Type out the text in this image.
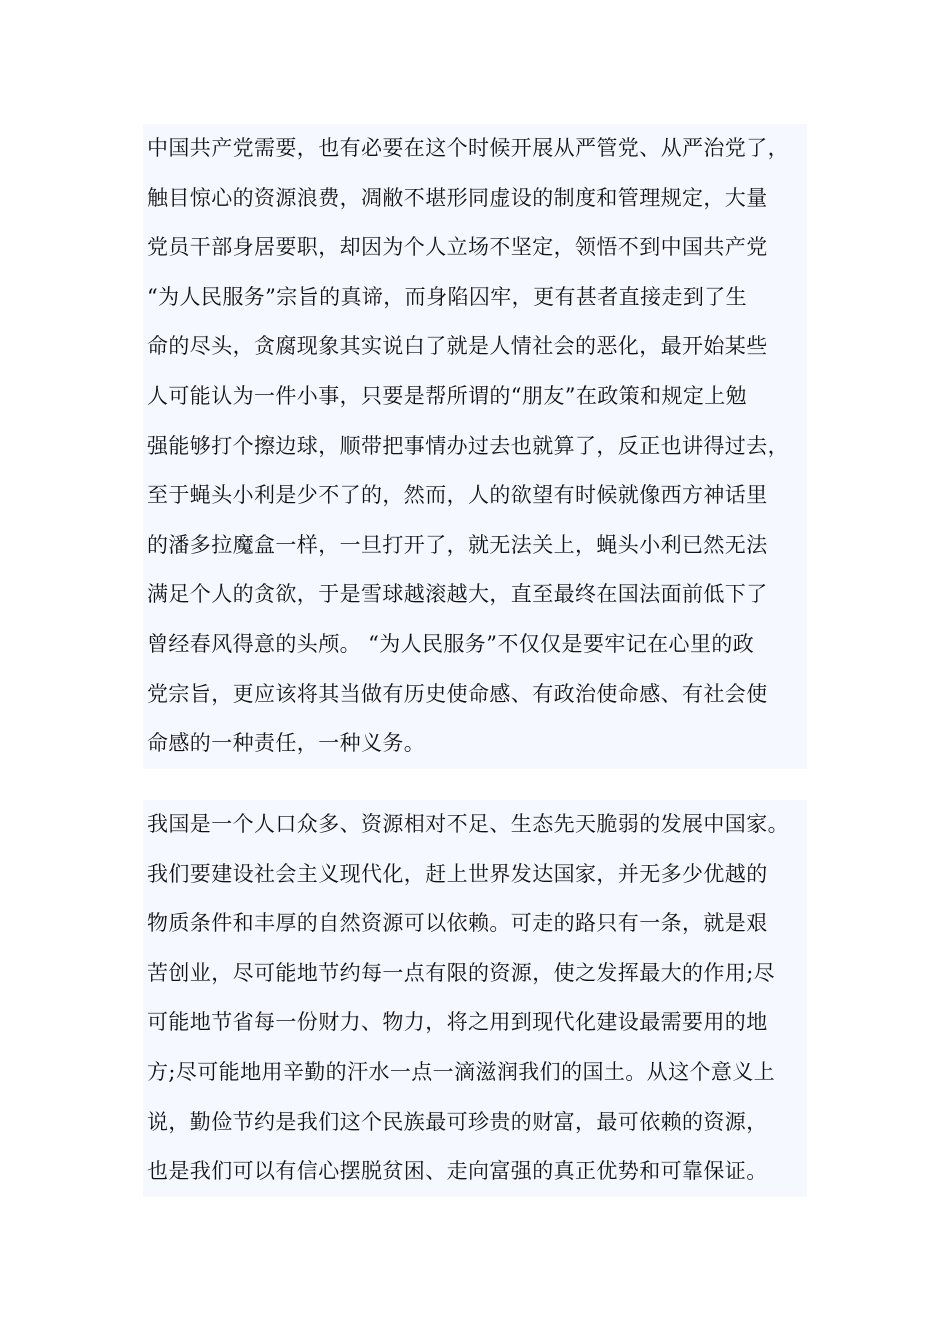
中国共产党需要，也有必要在这个时候开展从严管党、从严治党了，
触目惊心的资源浪费，凋敝不堪形同虚设的制度和管理规定，大量
党员干部身居要职，却因为个人立场不坚定，领悟不到中国共产党
“为人民服务”宗旨的真谛，而身陷囚牢，更有甚者直接走到了生
命的尽头，贪腐现象其实说白了就是人情社会的恶化，最开始某些
人可能认为一件小事，只要是帮所谓的“朋友”在政策和规定上勉
强能够打个擦边球，顺带把事情办过去也就算了，反正也讲得过去，
至于蝇头小利是少不了的，然而，人的欲望有时候就像西方神话里
的潘多拉魔盒一样，一旦打开了，就无法关上，蝇头小利已然无法
满足个人的贪欲，于是雪球越滚越大，直至最终在国法面前低下了
曾经春风得意的头颅。 “为人民服务”不仅仅是要牢记在心里的政
党宗旨，更应该将其当做有历史使命感、有政治使命感、有社会使
命感的一种责任，一种义务。
我国是一个人口众多、资源相对不足、生态先天脆弱的发展中国家。
我们要建设社会主义现代化，赶上世界发达国家，并无多少优越的
物质条件和丰厚的自然资源可以依赖。可走的路只有一条，就是艰
苦创业，尽可能地节约每一点有限的资源，使之发挥最大的作用;尽
可能地节省每一份财力、物力，将之用到现代化建设最需要用的地
方;尽可能地用辛勤的汗水一点一滴滋润我们的国土。从这个意义上
说，勤俭节约是我们这个民族最可珍贵的财富，最可依赖的资源，
也是我们可以有信心摆脱贫困、走向富强的真正优势和可靠保证。
